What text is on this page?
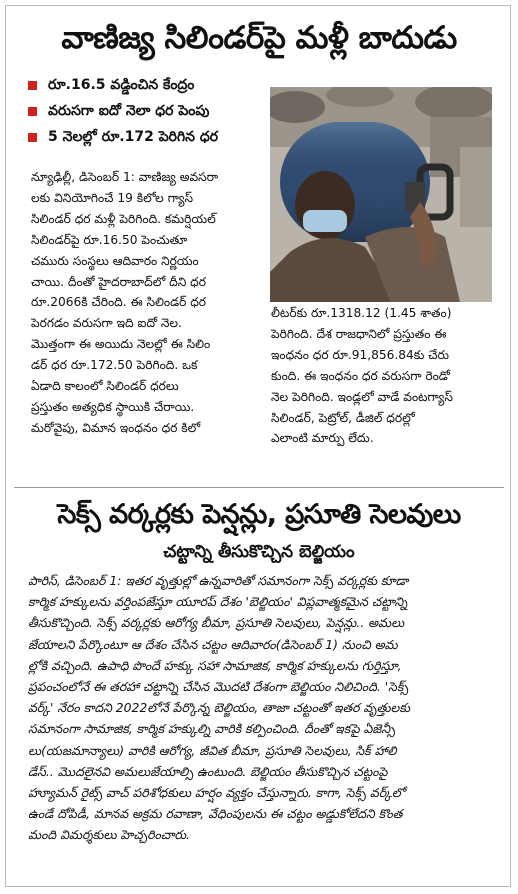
వాణిజ్య సిలిండర్‌పై మళ్లీ బాదుడు
రూ.16.5 వడ్డించిన కేంద్రం
వరుసగా ఐదో నెలా ధర పెంపు
5 నెలల్లో రూ.172 పెరిగిన ధర
న్యూఢిల్లీ, డిసెంబర్ 1: వాణిజ్య అవసరా
లకు వినియోగించే 19 కిలోల గ్యాస్
సిలిండర్ ధర మళ్లీ పెరిగింది. కమర్షియల్
సిలిండర్‌పై రూ.16.50 పెంచుతూ
చమురు సంస్థలు ఆదివారం నిర్ణయం
చాయి. దీంతో హైదరాబాద్‌లో దీని ధర
రూ.2066కి చేరింది. ఈ సిలిండర్ ధర
పెరగడం వరుసగా ఇది ఐదో నెల.
మొత్తంగా ఈ అయిదు నెలల్లో ఈ సిలిం
డర్ ధర రూ.172.50 పెరిగింది. ఒక
ఏడాది కాలంలో సిలిండర్ ధరలు
ప్రస్తుతం అత్యధిక స్థాయికి చేరాయి.
మరోవైపు, విమాన ఇంధనం ధర కిలో
లీటర్‌కు రూ.1318.12 (1.45 శాతం)
పెరిగింది. దేశ రాజధానిలో ప్రస్తుతం ఈ
ఇంధనం ధర రూ.91,856.84కు చేరు
కుంది. ఈ ఇంధనం ధర వరుసగా రెండో
నెల పెరిగింది. ఇండ్లలో వాడే వంటగ్యాస్
సిలిండర్, పెట్రోల్, డీజిల్ ధరల్లో
ఎలాంటి మార్పు లేదు.
సెక్స్ వర్కర్లకు పెన్షన్లు, ప్రసూతి సెలవులు
చట్టాన్ని తీసుకొచ్చిన బెల్జియం
పారిస్, డిసెంబర్ 1: ఇతర వృత్తుల్లో ఉన్నవారితో సమానంగా సెక్స్ వర్కర్లకు కూడా
కార్మిక హక్కులను వర్తింపజేస్తూ యూరప్ దేశం 'బెల్జియం' విప్లవాత్మకమైన చట్టాన్ని
తీసుకొచ్చింది. సెక్స్ వర్కర్లకు ఆరోగ్య బీమా, ప్రసూతి సెలవులు, పెన్షన్లు.. అమలు
జేయాలని పేర్కొంటూ ఆ దేశం చేసిన చట్టం ఆదివారం(డిసెంబర్ 1) నుంచి అమ
ల్లోకి వచ్చింది. ఉపాధి పొందే హక్కు సహా సామాజిక, కార్మిక హక్కులను గుర్తిస్తూ,
ప్రపంచంలోనే ఈ తరహా చట్టాన్ని చేసిన మొదటి దేశంగా బెల్జియం నిలిచింది. 'సెక్స్
వర్క్' నేరం కాదని 2022లోనే పేర్కొన్న బెల్జియం, తాజా చట్టంతో ఇతర వృత్తులకు
సమానంగా సామాజిక, కార్మిక హక్కుల్ని వారికి కల్పించింది. దీంతో ఇకపై ఏజెన్సీ
లు(యజమాన్యాలు) వారికి ఆరోగ్య, జీవిత బీమా, ప్రసూతి సెలవులు, సిక్ హాలి
డేస్.. మొదలైనవి అమలుజేయాల్సి ఉంటుంది. బెల్జియం తీసుకొచ్చిన చట్టంపై
హ్యూమన్ రైట్స్ వాచ్ పరిశోధకులు హర్షం వ్యక్తం చేస్తున్నారు. కాగా, సెక్స్ వర్క్‌లో
ఉండే దోపిడీ, మానవ అక్రమ రవాణా, వేధింపులను ఈ చట్టం అడ్డుకోలేదని కొంత
మంది విమర్శకులు హెచ్చరించారు.
